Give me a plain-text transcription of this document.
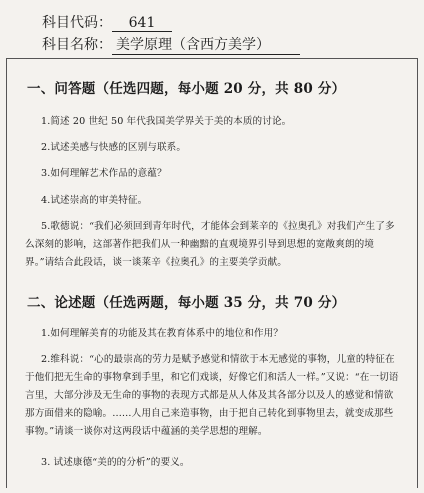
科目代码： 641
科目名称： 美学原理（含西方美学）
一、问答题（任选四题，每小题 20 分，共 80 分）
1.简述 20 世纪 50 年代我国美学界关于美的本质的讨论。
2.试述美感与快感的区别与联系。
3.如何理解艺术作品的意蕴？
4.试述崇高的审美特征。
5.歌德说：“我们必须回到青年时代，才能体会到莱辛的《拉奥孔》对我们产生了多么深刻的影响，这部著作把我们从一种幽黯的直观境界引导到思想的宽敞爽朗的境界。”请结合此段话，谈一谈莱辛《拉奥孔》的主要美学贡献。
二、论述题（任选两题，每小题 35 分，共 70 分）
1.如何理解美育的功能及其在教育体系中的地位和作用？
2.维科说：“心的最崇高的劳力是赋予感觉和情欲于本无感觉的事物，儿童的特征在于他们把无生命的事物拿到手里，和它们戏谈，好像它们和活人一样。”又说：“在一切语言里，大部分涉及无生命的事物的表现方式都是从人体及其各部分以及人的感觉和情欲那方面借来的隐喻。……人用自己来造事物，由于把自己转化到事物里去，就变成那些事物。”请谈一谈你对这两段话中蕴涵的美学思想的理解。
3. 试述康德“美的的分析”的要义。
